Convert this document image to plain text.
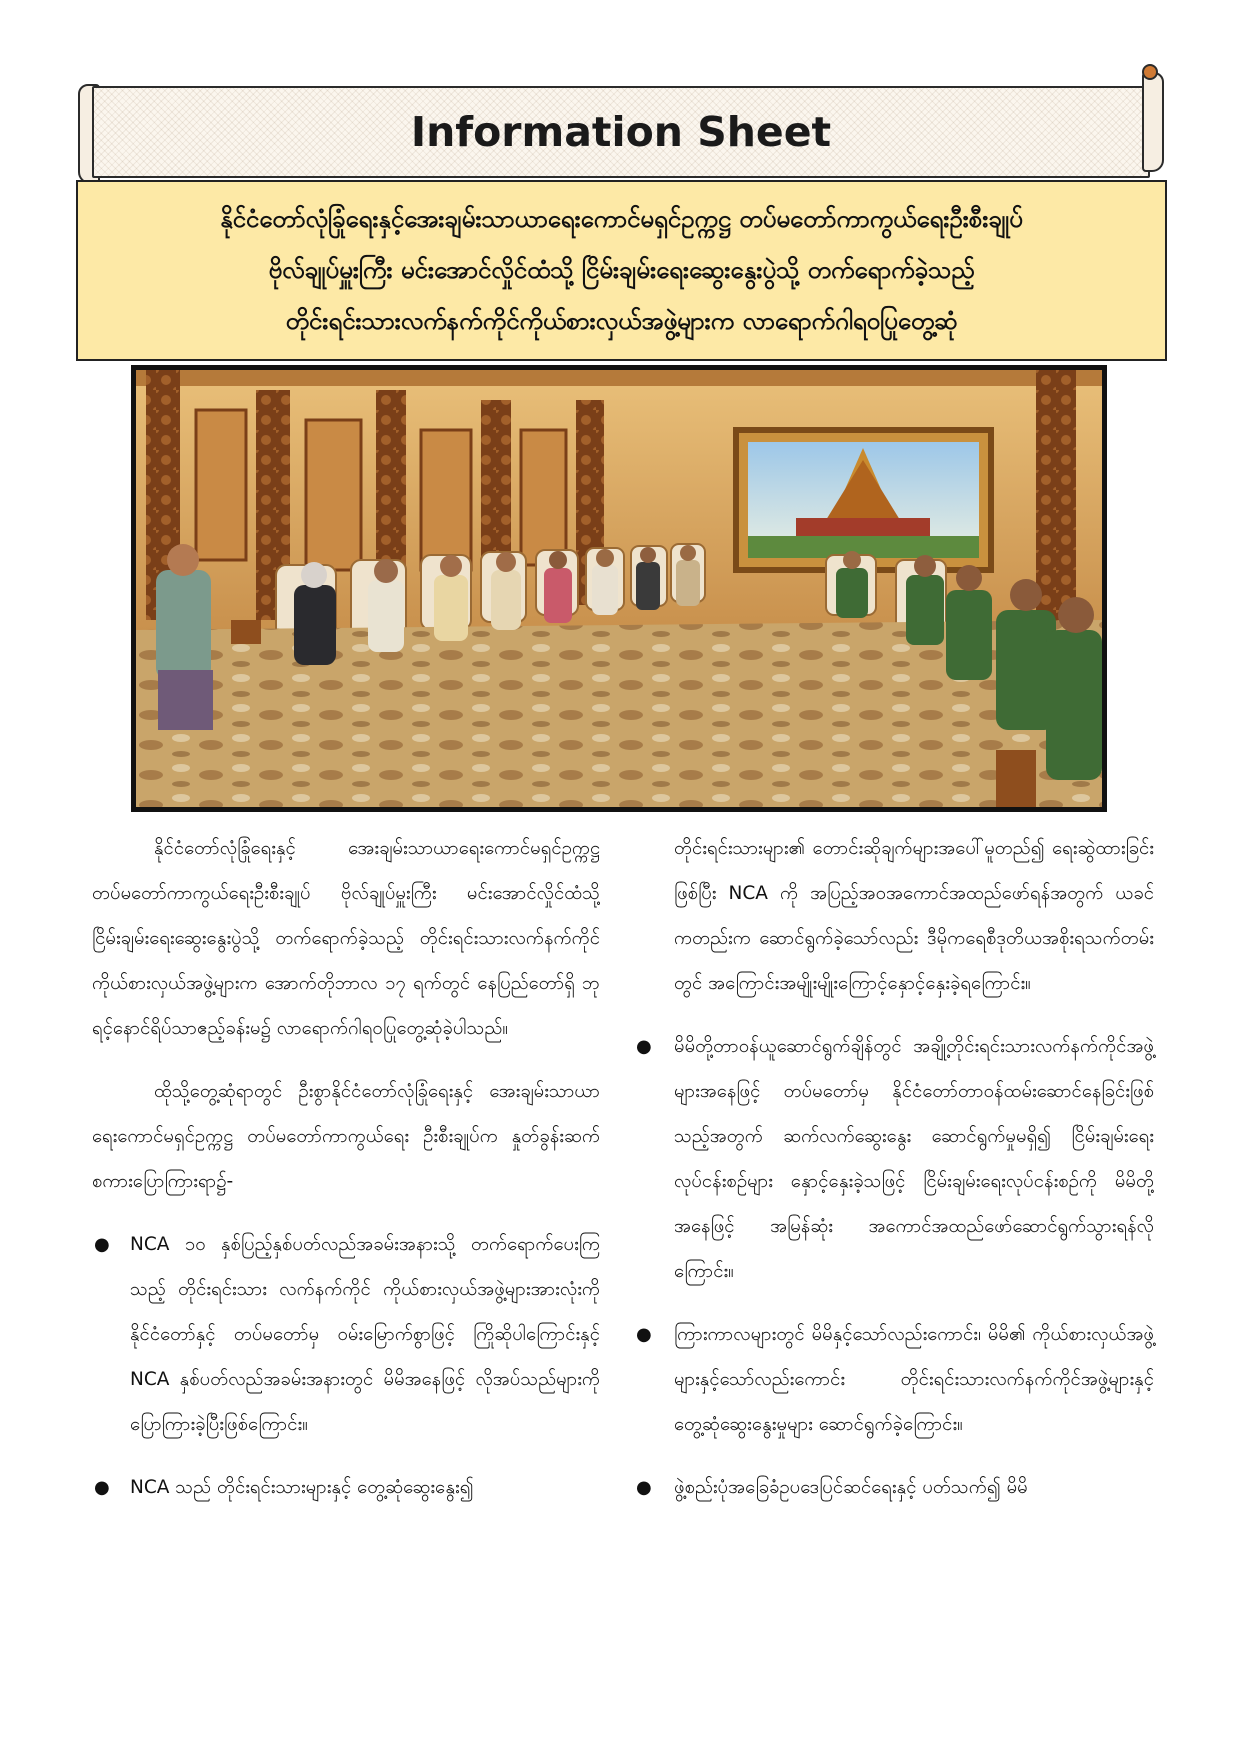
Information Sheet
နိုင်ငံတော်လုံခြုံရေးနှင့်အေးချမ်းသာယာရေးကောင်မရှင်ဥက္ကဋ္ဌ တပ်မတော်ကာကွယ်ရေးဦးစီးချုပ်
ဗိုလ်ချုပ်မှူးကြီး မင်းအောင်လှိုင်ထံသို့ ငြိမ်းချမ်းရေးဆွေးနွေးပွဲသို့ တက်ရောက်ခဲ့သည့်
တိုင်းရင်းသားလက်နက်ကိုင်ကိုယ်စားလှယ်အဖွဲ့များက လာရောက်ဂါရဝပြုတွေ့ဆုံ

နိုင်ငံတော်လုံခြုံရေးနှင့် အေးချမ်းသာယာရေးကောင်မရှင်ဥက္ကဋ္ဌ တပ်မတော်ကာကွယ်ရေးဦးစီးချုပ် ဗိုလ်ချုပ်မှူးကြီး မင်းအောင်လှိုင်ထံသို့ ငြိမ်းချမ်းရေးဆွေးနွေးပွဲသို့ တက်ရောက်ခဲ့သည့် တိုင်းရင်းသားလက်နက်ကိုင် ကိုယ်စားလှယ်အဖွဲ့များက အောက်တိုဘာလ ၁၇ ရက်တွင် နေပြည်တော်ရှိ ဘုရင့်နောင်ရိပ်သာဧည့်ခန်းမ၌ လာရောက်ဂါရဝပြုတွေ့ဆုံခဲ့ပါသည်။

ထိုသို့တွေ့ဆုံရာတွင် ဦးစွာနိုင်ငံတော်လုံခြုံရေးနှင့် အေးချမ်းသာယာရေးကောင်မရှင်ဥက္ကဋ္ဌ တပ်မတော်ကာကွယ်ရေး ဦးစီးချုပ်က နှုတ်ခွန်းဆက်စကားပြောကြားရာ၌-

● NCA ၁၀ နှစ်ပြည့်နှစ်ပတ်လည်အခမ်းအနားသို့ တက်ရောက်ပေးကြသည့် တိုင်းရင်းသား လက်နက်ကိုင် ကိုယ်စားလှယ်အဖွဲ့များအားလုံးကို နိုင်ငံတော်နှင့် တပ်မတော်မှ ဝမ်းမြောက်စွာဖြင့် ကြိုဆိုပါကြောင်းနှင့် NCA နှစ်ပတ်လည်အခမ်းအနားတွင် မိမိအနေဖြင့် လိုအပ်သည်များကိုပြောကြားခဲ့ပြီးဖြစ်ကြောင်း။
● NCA သည် တိုင်းရင်းသားများနှင့် တွေ့ဆုံဆွေးနွေး၍

တိုင်းရင်းသားများ၏ တောင်းဆိုချက်များအပေါ်မူတည်၍ ရေးဆွဲထားခြင်းဖြစ်ပြီး NCA ကို အပြည့်အဝအကောင်အထည်ဖော်ရန်အတွက် ယခင်ကတည်းက ဆောင်ရွက်ခဲ့သော်လည်း ဒီမိုကရေစီဒုတိယအစိုးရသက်တမ်းတွင် အကြောင်းအမျိုးမျိုးကြောင့်နှောင့်နှေးခဲ့ရကြောင်း။

● မိမိတို့တာဝန်ယူဆောင်ရွက်ချိန်တွင် အချို့တိုင်းရင်းသားလက်နက်ကိုင်အဖွဲ့များအနေဖြင့် တပ်မတော်မှ နိုင်ငံတော်တာဝန်ထမ်းဆောင်နေခြင်းဖြစ်သည့်အတွက် ဆက်လက်ဆွေးနွေး ဆောင်ရွက်မှုမရှိ၍ ငြိမ်းချမ်းရေးလုပ်ငန်းစဉ်များ နှောင့်နှေးခဲ့သဖြင့် ငြိမ်းချမ်းရေးလုပ်ငန်းစဉ်ကို မိမိတို့အနေဖြင့် အမြန်ဆုံး အကောင်အထည်ဖော်ဆောင်ရွက်သွားရန်လိုကြောင်း။
● ကြားကာလများတွင် မိမိနှင့်သော်လည်းကောင်း၊ မိမိ၏ ကိုယ်စားလှယ်အဖွဲ့များနှင့်သော်လည်းကောင်း တိုင်းရင်းသားလက်နက်ကိုင်အဖွဲ့များနှင့် တွေ့ဆုံဆွေးနွေးမှုများ ဆောင်ရွက်ခဲ့ကြောင်း။
● ဖွဲ့စည်းပုံအခြေခံဥပဒေပြင်ဆင်ရေးနှင့် ပတ်သက်၍ မိမိ
